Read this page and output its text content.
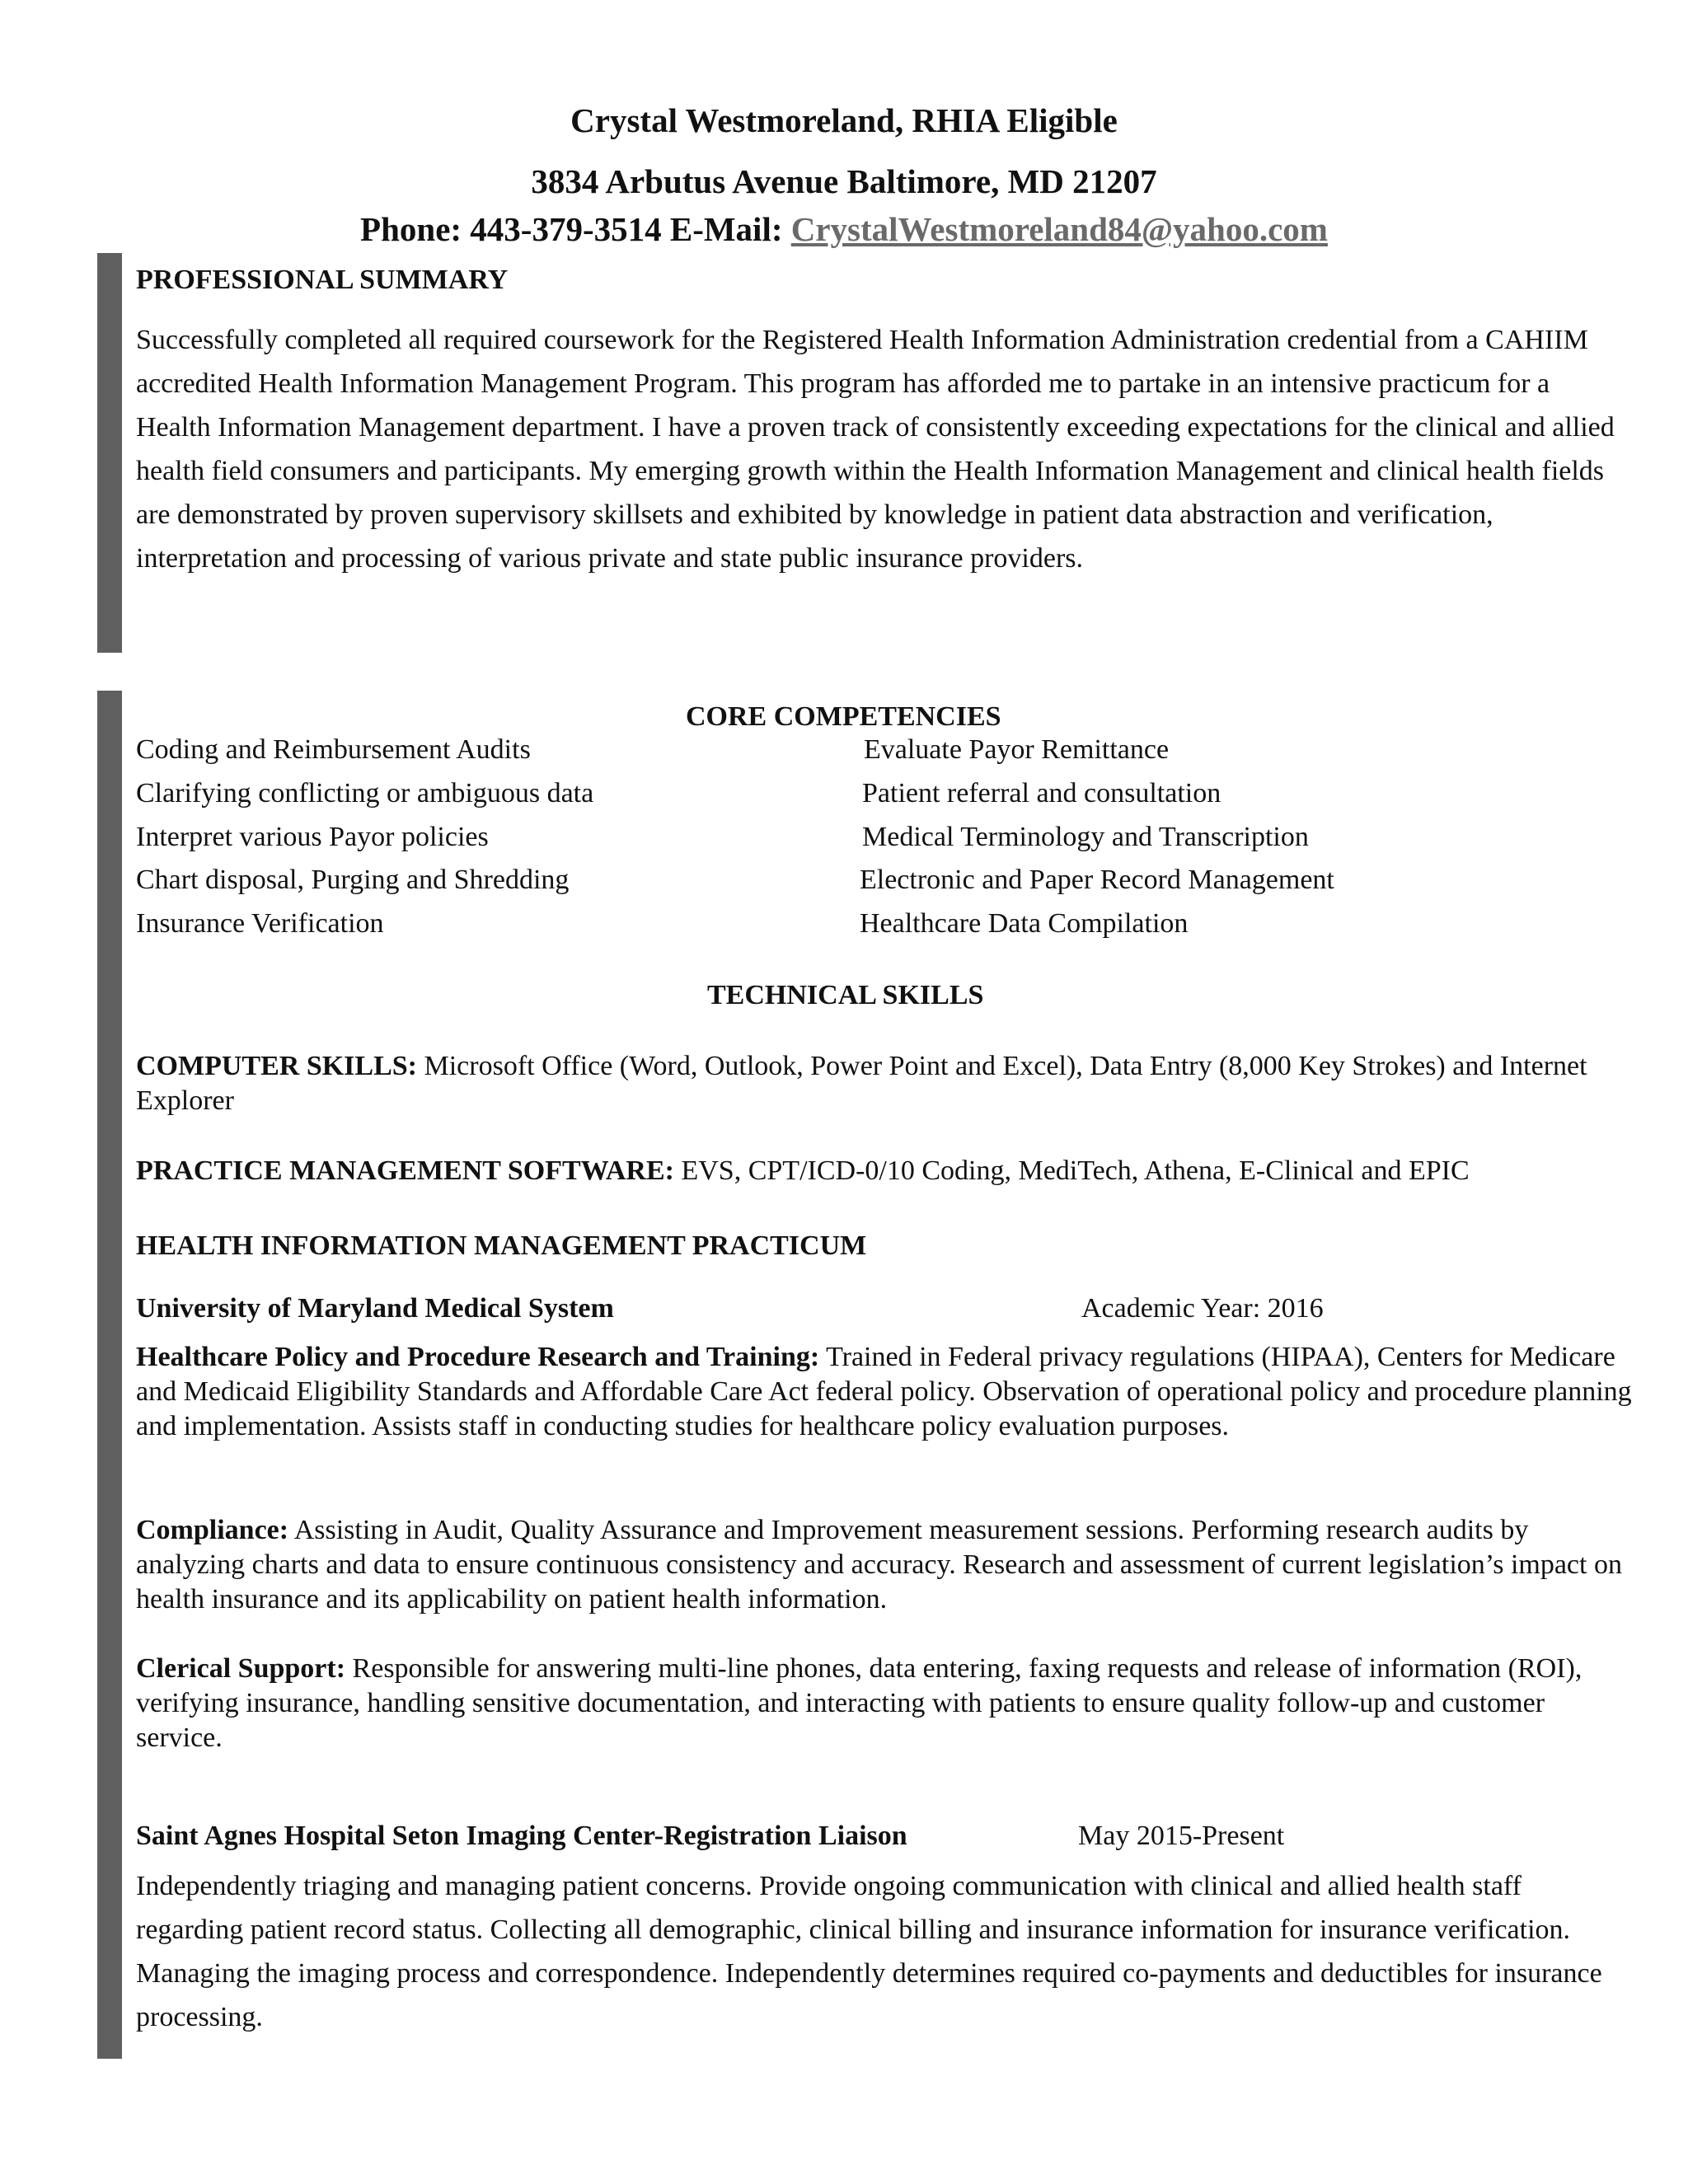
Crystal Westmoreland, RHIA Eligible
3834 Arbutus Avenue Baltimore, MD 21207
Phone: 443-379-3514 E-Mail: CrystalWestmoreland84@yahoo.com
PROFESSIONAL SUMMARY
Successfully completed all required coursework for the Registered Health Information Administration credential from a CAHIIM accredited Health Information Management Program. This program has afforded me to partake in an intensive practicum for a Health Information Management department. I have a proven track of consistently exceeding expectations for the clinical and allied health field consumers and participants. My emerging growth within the Health Information Management and clinical health fields are demonstrated by proven supervisory skillsets and exhibited by knowledge in patient data abstraction and verification, interpretation and processing of various private and state public insurance providers.
CORE COMPETENCIES
Coding and Reimbursement Audits
Clarifying conflicting or ambiguous data
Interpret various Payor policies
Chart disposal, Purging and Shredding
Insurance Verification
Evaluate Payor Remittance
Patient referral and consultation
Medical Terminology and Transcription
Electronic and Paper Record Management
Healthcare Data Compilation
TECHNICAL SKILLS
COMPUTER SKILLS: Microsoft Office (Word, Outlook, Power Point and Excel), Data Entry (8,000 Key Strokes) and Internet Explorer
PRACTICE MANAGEMENT SOFTWARE: EVS, CPT/ICD-0/10 Coding, MediTech, Athena, E-Clinical and EPIC
HEALTH INFORMATION MANAGEMENT PRACTICUM
University of Maryland Medical System	Academic Year: 2016
Healthcare Policy and Procedure Research and Training: Trained in Federal privacy regulations (HIPAA), Centers for Medicare and Medicaid Eligibility Standards and Affordable Care Act federal policy. Observation of operational policy and procedure planning and implementation. Assists staff in conducting studies for healthcare policy evaluation purposes.
Compliance: Assisting in Audit, Quality Assurance and Improvement measurement sessions. Performing research audits by analyzing charts and data to ensure continuous consistency and accuracy. Research and assessment of current legislation’s impact on health insurance and its applicability on patient health information.
Clerical Support: Responsible for answering multi-line phones, data entering, faxing requests and release of information (ROI), verifying insurance, handling sensitive documentation, and interacting with patients to ensure quality follow-up and customer service.
Saint Agnes Hospital Seton Imaging Center-Registration Liaison	May 2015-Present
Independently triaging and managing patient concerns. Provide ongoing communication with clinical and allied health staff regarding patient record status. Collecting all demographic, clinical billing and insurance information for insurance verification. Managing the imaging process and correspondence. Independently determines required co-payments and deductibles for insurance processing.
